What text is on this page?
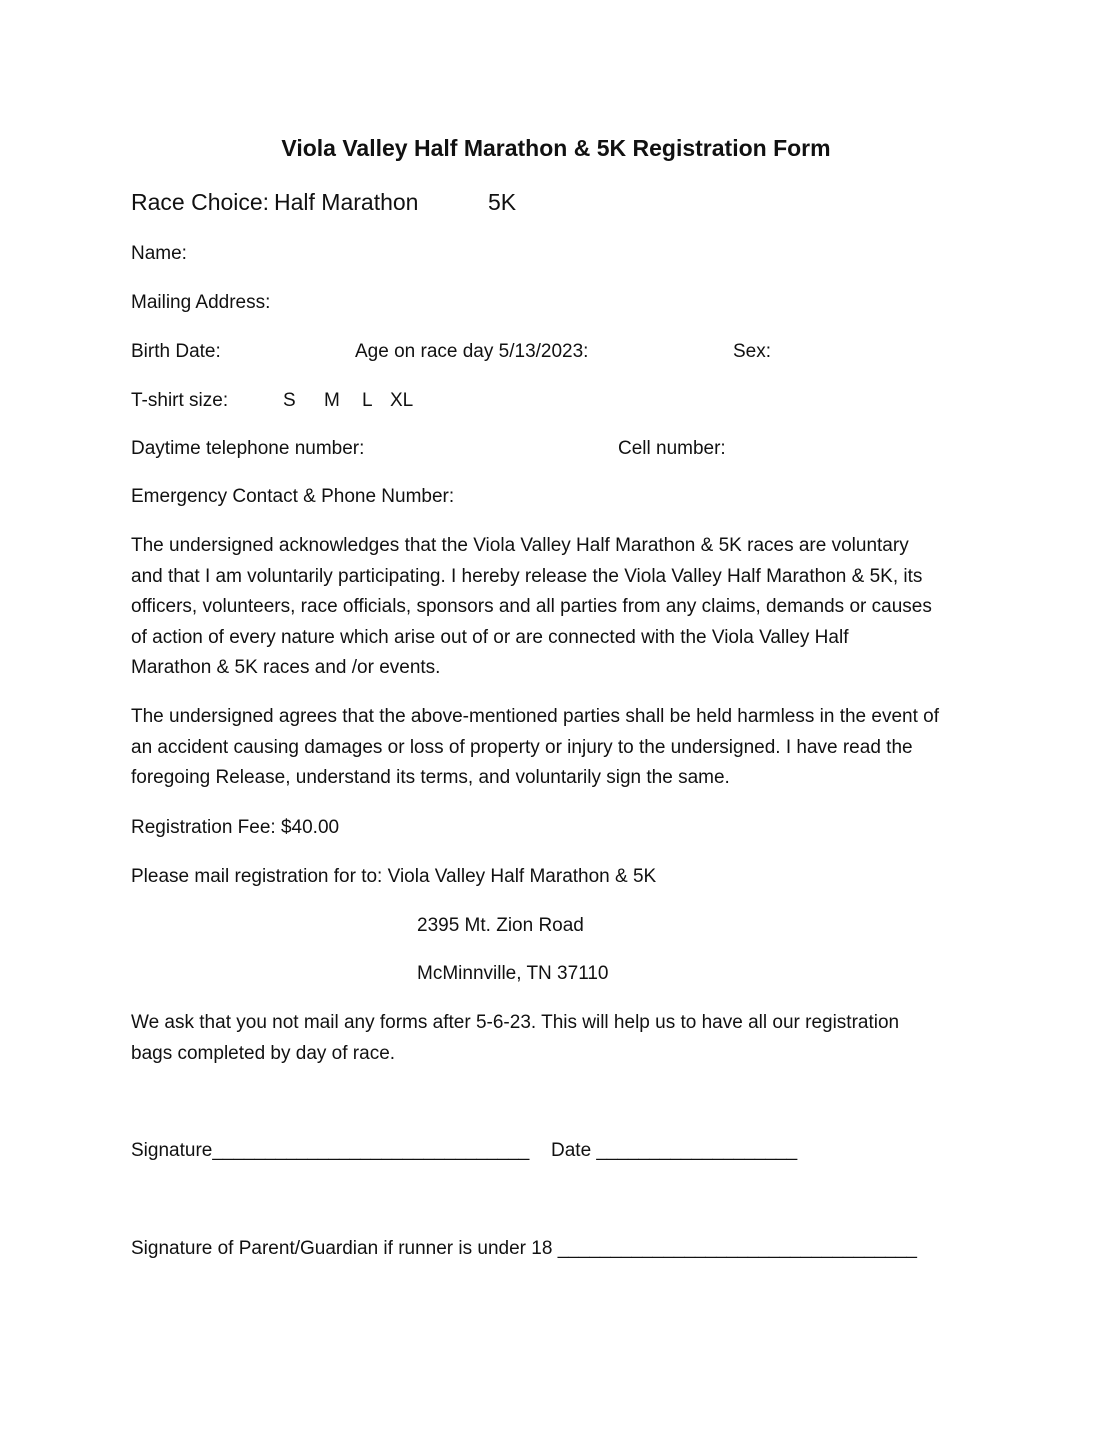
Viola Valley Half Marathon & 5K Registration Form
Race Choice: Half Marathon	5K
Name:
Mailing Address:
Birth Date:	Age on race day 5/13/2023:	Sex:
T-shirt size:	S M L XL
Daytime telephone number:	Cell number:
Emergency Contact & Phone Number:
The undersigned acknowledges that the Viola Valley Half Marathon & 5K races are voluntary
and that I am voluntarily participating. I hereby release the Viola Valley Half Marathon & 5K, its
officers, volunteers, race officials, sponsors and all parties from any claims, demands or causes
of action of every nature which arise out of or are connected with the Viola Valley Half
Marathon & 5K races and /or events.
The undersigned agrees that the above-mentioned parties shall be held harmless in the event of
an accident causing damages or loss of property or injury to the undersigned. I have read the
foregoing Release, understand its terms, and voluntarily sign the same.
Registration Fee: $40.00
Please mail registration for to: Viola Valley Half Marathon & 5K
2395 Mt. Zion Road
McMinnville, TN 37110
We ask that you not mail any forms after 5-6-23. This will help us to have all our registration
bags completed by day of race.
Signature______________________________ Date ___________________
Signature of Parent/Guardian if runner is under 18 __________________________________
